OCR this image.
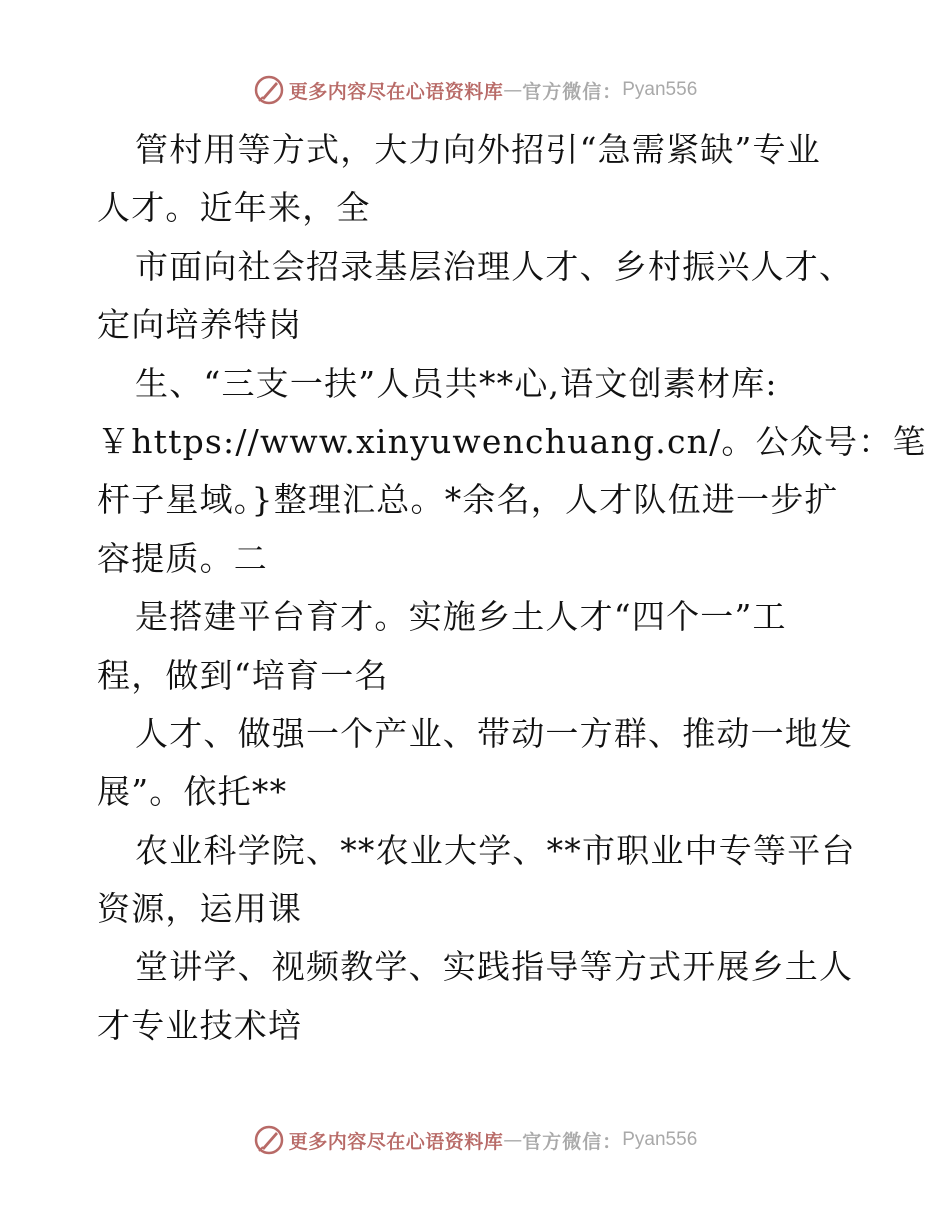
更多内容尽在心语资料库 — 官方微信： Pyan556
管村用等方式，大力向外招引“急需紧缺”专业
人才。近年来，全
市面向社会招录基层治理人才、乡村振兴人才、
定向培养特岗
生、“三支一扶”人员共**心,语文创素材库:
￥https://www.xinyuwenchuang.cn/。公众号：笔
杆子星域。}整理汇总。*余名，人才队伍进一步扩
容提质。二
是搭建平台育才。实施乡土人才“四个一”工
程，做到“培育一名
人才、做强一个产业、带动一方群、推动一地发
展”。依托**
农业科学院、**农业大学、**市职业中专等平台
资源，运用课
堂讲学、视频教学、实践指导等方式开展乡土人
才专业技术培
更多内容尽在心语资料库 — 官方微信： Pyan556
